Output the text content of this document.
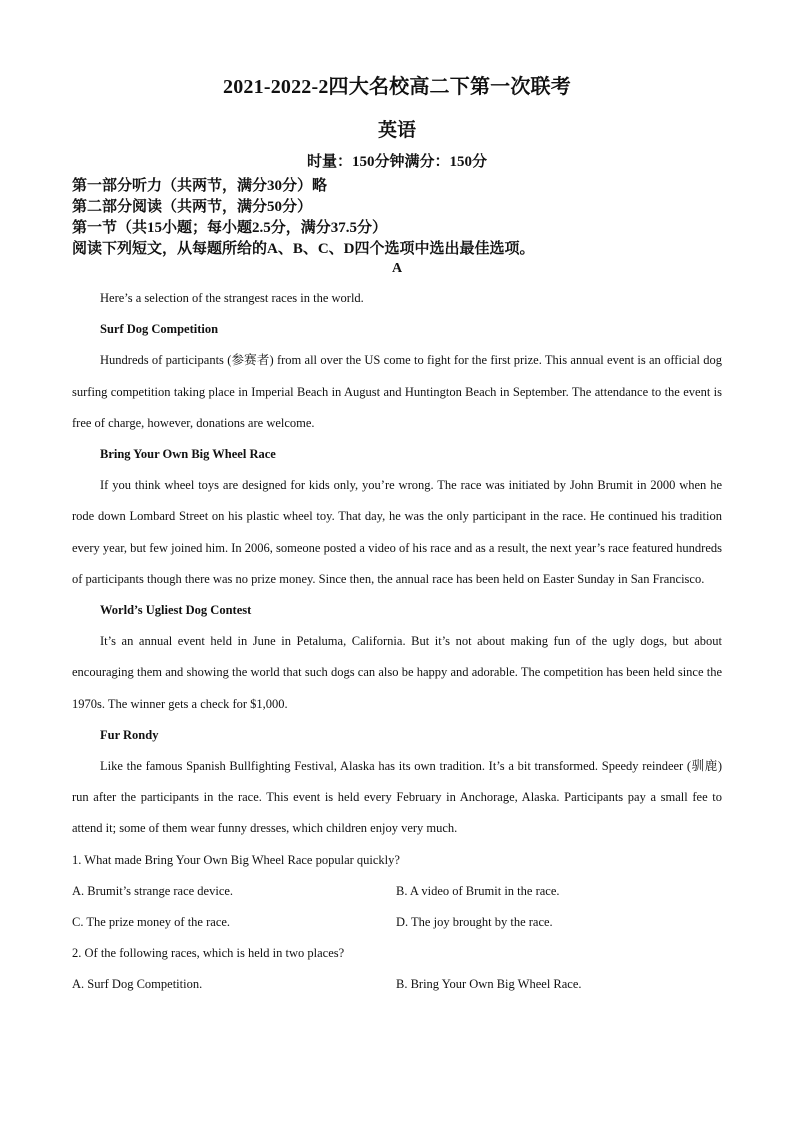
2021-2022-2四大名校高二下第一次联考
英语
时量：150分钟满分：150分
第一部分听力（共两节，满分30分）略
第二部分阅读（共两节，满分50分）
第一节（共15小题；每小题2.5分，满分37.5分）
阅读下列短文，从每题所给的A、B、C、D四个选项中选出最佳选项。
A

Here’s a selection of the strangest races in the world.

Surf Dog Competition

Hundreds of participants (参赛者) from all over the US come to fight for the first prize. This annual event is an official dog surfing competition taking place in Imperial Beach in August and Huntington Beach in September. The attendance to the event is free of charge, however, donations are welcome.

Bring Your Own Big Wheel Race

If you think wheel toys are designed for kids only, you’re wrong. The race was initiated by John Brumit in 2000 when he rode down Lombard Street on his plastic wheel toy. That day, he was the only participant in the race. He continued his tradition every year, but few joined him. In 2006, someone posted a video of his race and as a result, the next year’s race featured hundreds of participants though there was no prize money. Since then, the annual race has been held on Easter Sunday in San Francisco.

World’s Ugliest Dog Contest

It’s an annual event held in June in Petaluma, California. But it’s not about making fun of the ugly dogs, but about encouraging them and showing the world that such dogs can also be happy and adorable. The competition has been held since the 1970s. The winner gets a check for $1,000.

Fur Rondy

Like the famous Spanish Bullfighting Festival, Alaska has its own tradition. It’s a bit transformed. Speedy reindeer (驯鹿) run after the participants in the race. This event is held every February in Anchorage, Alaska. Participants pay a small fee to attend it; some of them wear funny dresses, which children enjoy very much.

1. What made Bring Your Own Big Wheel Race popular quickly?

A. Brumit’s strange race device.	B. A video of Brumit in the race.
C. The prize money of the race.	D. The joy brought by the race.

2. Of the following races, which is held in two places?

A. Surf Dog Competition.	B. Bring Your Own Big Wheel Race.
